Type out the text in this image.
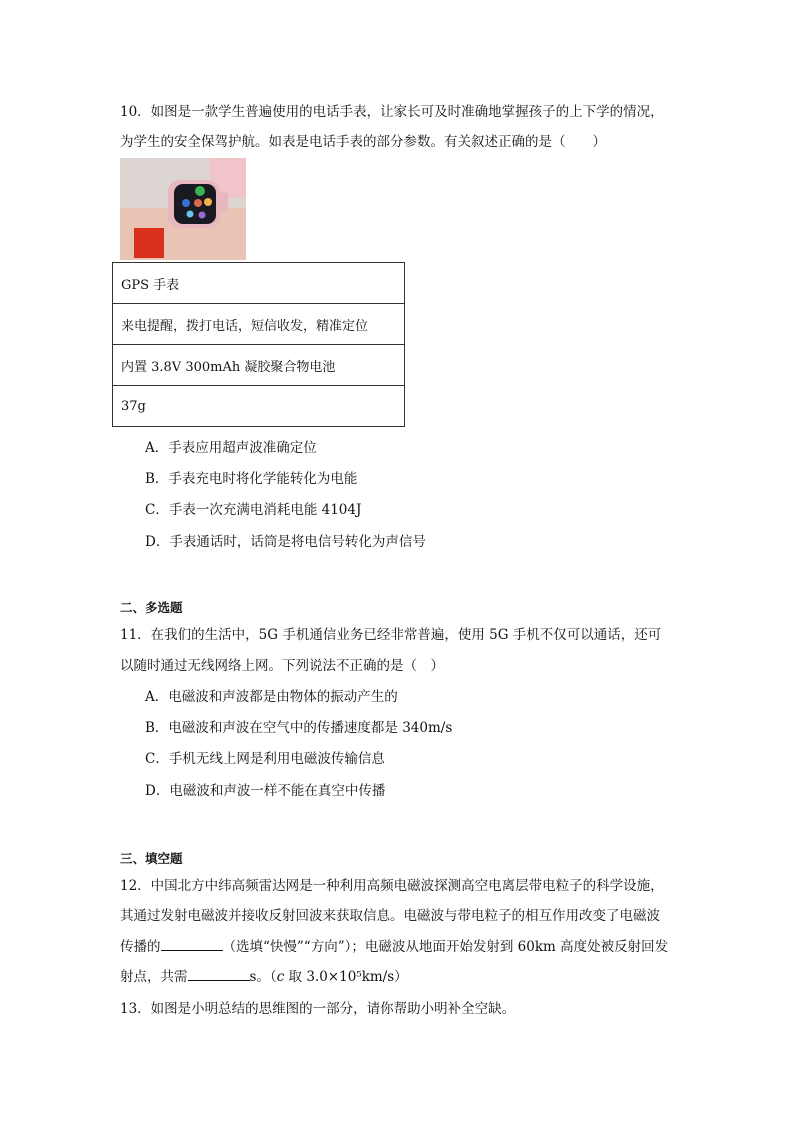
10．如图是一款学生普遍使用的电话手表，让家长可及时准确地掌握孩子的上下学的情况，
为学生的安全保驾护航。如表是电话手表的部分参数。有关叙述正确的是（　　）
GPS 手表
来电提醒，拨打电话，短信收发，精准定位
内置 3.8V 300mAh 凝胶聚合物电池
37g
A．手表应用超声波准确定位
B．手表充电时将化学能转化为电能
C．手表一次充满电消耗电能 4104J
D．手表通话时，话筒是将电信号转化为声信号
二、多选题
11．在我们的生活中，5G 手机通信业务已经非常普遍，使用 5G 手机不仅可以通话，还可
以随时通过无线网络上网。下列说法不正确的是（　）
A．电磁波和声波都是由物体的振动产生的
B．电磁波和声波在空气中的传播速度都是 340m/s
C．手机无线上网是利用电磁波传输信息
D．电磁波和声波一样不能在真空中传播
三、填空题
12．中国北方中纬高频雷达网是一种利用高频电磁波探测高空电离层带电粒子的科学设施，
其通过发射电磁波并接收反射回波来获取信息。电磁波与带电粒子的相互作用改变了电磁波
传播的	（选填“快慢”“方向”）；电磁波从地面开始发射到 60km 高度处被反射回发
射点，共需	s。（c 取 3.0×10⁵km/s）
13．如图是小明总结的思维图的一部分，请你帮助小明补全空缺。
